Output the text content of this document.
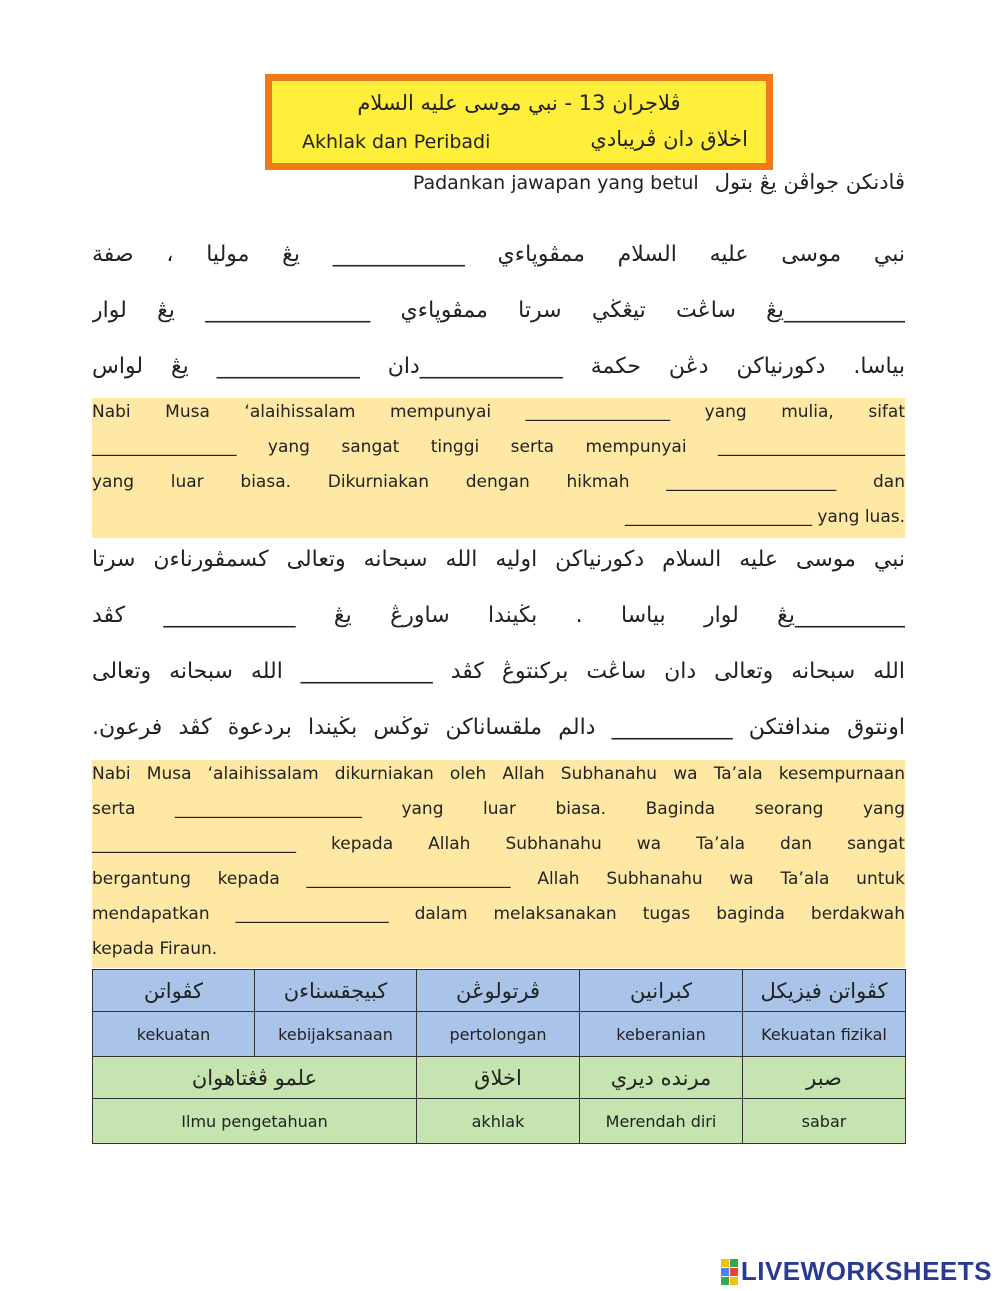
ڤلاجران 13 - نبي موسى عليه السلام
Akhlak dan Peribadi	اخلاق دان ڤريبادي
Padankan jawapan yang betul ڤادنكن جواڤن يڠ بتول
نبي موسى عليه السلام ممڤوڽاءي ____________ يڠ موليا ، صفة
___________يڠ ساڠت تيڠڬي سرتا ممڤوڽاءي _______________ يڠ لوار
بياسا. دكورنياكن دڠن حكمة _____________دان _____________ يڠ لواس
Nabi Musa ‘alaihissalam mempunyai _________________ yang mulia, sifat
_________________ yang sangat tinggi serta mempunyai ______________________
yang luar biasa. Dikurniakan dengan hikmah ____________________ dan
______________________ yang luas.
نبي موسى عليه السلام دكورنياكن اوليه الله سبحانه وتعالى كسمڤورناءن سرتا
__________يڠ لوار بياسا . بڬيندا ساورڠ يڠ ____________ كڤد
الله سبحانه وتعالى دان ساڠت بركنتوڠ كڤد ____________ الله سبحانه وتعالى
اونتوق مندافتكن ___________ دالم ملقساناكن توڬس بڬيندا بردعوة كڤد فرعون.
Nabi Musa ‘alaihissalam dikurniakan oleh Allah Subhanahu wa Ta’ala kesempurnaan
serta ______________________ yang luar biasa. Baginda seorang yang
________________________ kepada Allah Subhanahu wa Ta’ala dan sangat
bergantung kepada ________________________ Allah Subhanahu wa Ta’ala untuk
mendapatkan __________________ dalam melaksanakan tugas baginda berdakwah
kepada Firaun.
كڤواتن	كبيجقسناءن	ڤرتولوڠن	كبرانين	كڤواتن فيزيكل
kekuatan	kebijaksanaan	pertolongan	keberanian	Kekuatan fizikal
علمو ڤڠتاهوان		اخلاق	مرندە ديري	صبر
Ilmu pengetahuan		akhlak	Merendah diri	sabar
LIVEWORKSHEETS
